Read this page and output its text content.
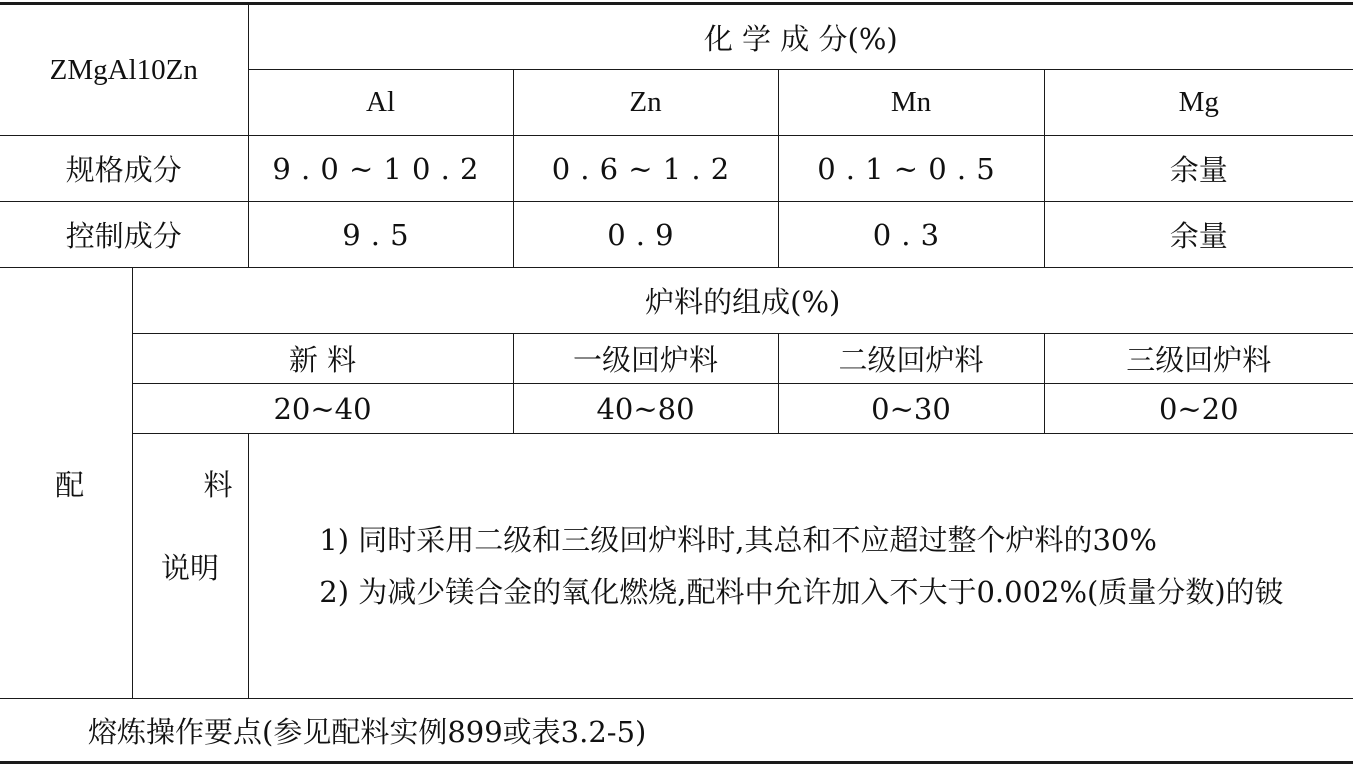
ZMgAl10Zn		化 学 成 分(%)			
		Al	Zn	Mn	Mg
规格成分		9.0~10.2	0.6~1.2	0.1~0.5	余量
控制成分		9.5	0.9	0.3	余量
配 料	炉料的组成(%)				
	新 料		一级回炉料	二级回炉料	三级回炉料
	20~40		40~80	0~30	0~20
	说明	1) 同时采用二级和三级回炉料时,其总和不应超过整个炉料的30%

2) 为减少镁合金的氧化燃烧,配料中允许加入不大于0.002%(质量分数)的铍			

熔炼操作要点(参见配料实例899或表3.2-5)					
